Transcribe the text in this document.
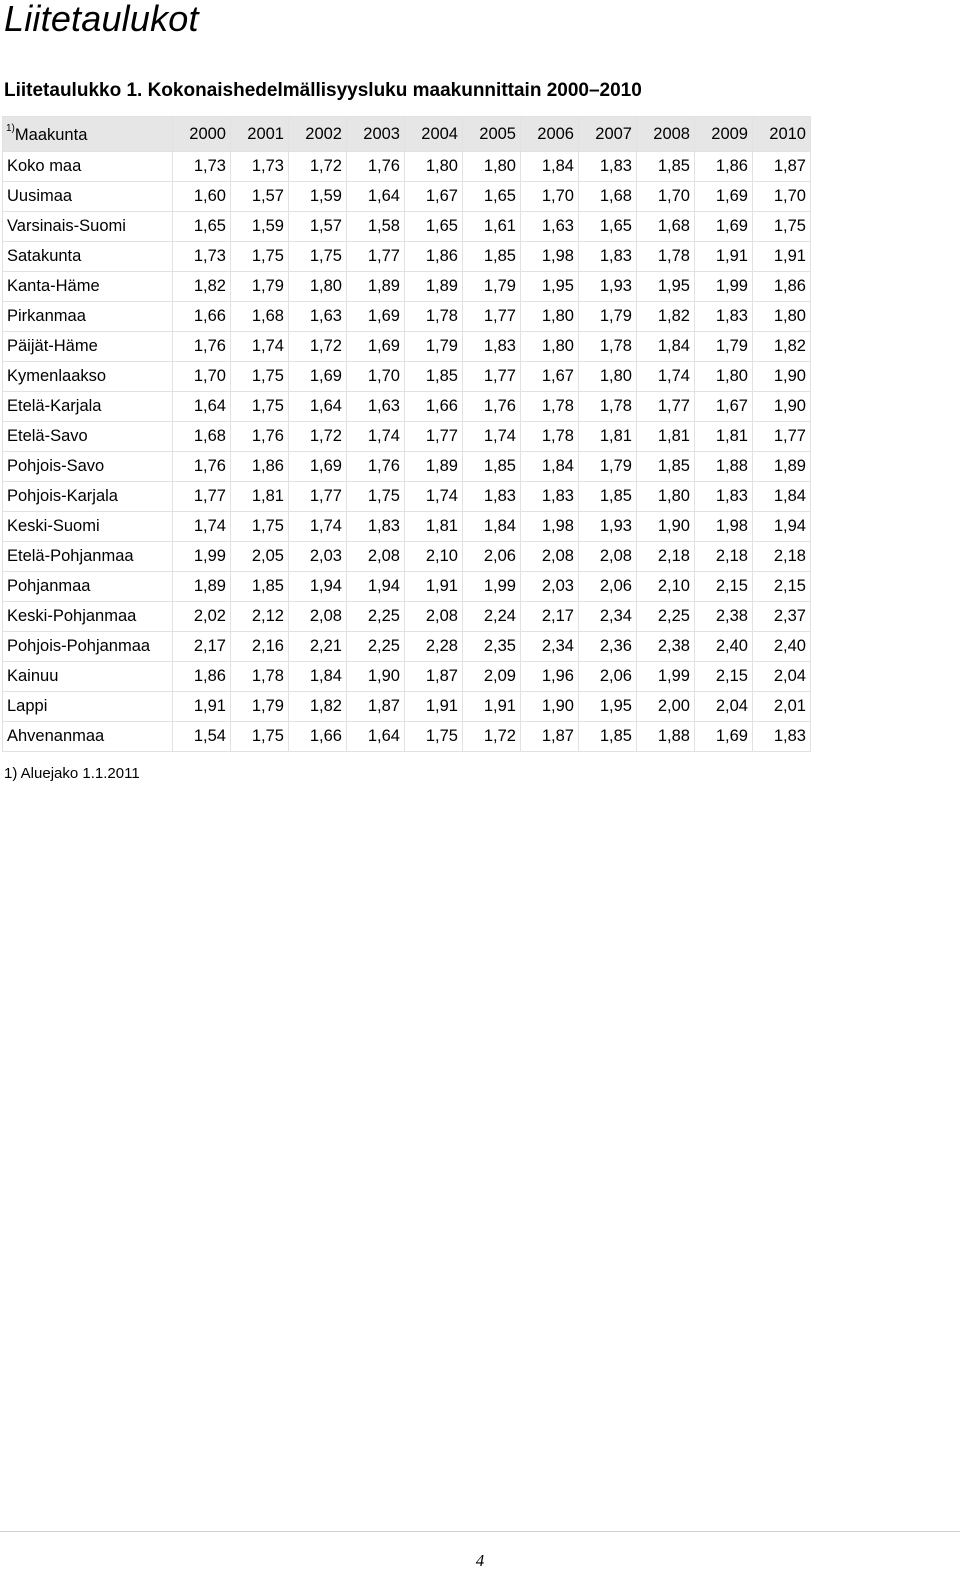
Liitetaulukot
Liitetaulukko 1. Kokonaishedelmällisyysluku maakunnittain 2000–2010
$^{1)}$Maakunta	2000	2001	2002	2003	2004	2005	2006	2007	2008	2009	2010
Koko maa	1,73	1,73	1,72	1,76	1,80	1,80	1,84	1,83	1,85	1,86	1,87
Uusimaa	1,60	1,57	1,59	1,64	1,67	1,65	1,70	1,68	1,70	1,69	1,70
Varsinais-Suomi	1,65	1,59	1,57	1,58	1,65	1,61	1,63	1,65	1,68	1,69	1,75
Satakunta	1,73	1,75	1,75	1,77	1,86	1,85	1,98	1,83	1,78	1,91	1,91
Kanta-Häme	1,82	1,79	1,80	1,89	1,89	1,79	1,95	1,93	1,95	1,99	1,86
Pirkanmaa	1,66	1,68	1,63	1,69	1,78	1,77	1,80	1,79	1,82	1,83	1,80
Päijät-Häme	1,76	1,74	1,72	1,69	1,79	1,83	1,80	1,78	1,84	1,79	1,82
Kymenlaakso	1,70	1,75	1,69	1,70	1,85	1,77	1,67	1,80	1,74	1,80	1,90
Etelä-Karjala	1,64	1,75	1,64	1,63	1,66	1,76	1,78	1,78	1,77	1,67	1,90
Etelä-Savo	1,68	1,76	1,72	1,74	1,77	1,74	1,78	1,81	1,81	1,81	1,77
Pohjois-Savo	1,76	1,86	1,69	1,76	1,89	1,85	1,84	1,79	1,85	1,88	1,89
Pohjois-Karjala	1,77	1,81	1,77	1,75	1,74	1,83	1,83	1,85	1,80	1,83	1,84
Keski-Suomi	1,74	1,75	1,74	1,83	1,81	1,84	1,98	1,93	1,90	1,98	1,94
Etelä-Pohjanmaa	1,99	2,05	2,03	2,08	2,10	2,06	2,08	2,08	2,18	2,18	2,18
Pohjanmaa	1,89	1,85	1,94	1,94	1,91	1,99	2,03	2,06	2,10	2,15	2,15
Keski-Pohjanmaa	2,02	2,12	2,08	2,25	2,08	2,24	2,17	2,34	2,25	2,38	2,37
Pohjois-Pohjanmaa	2,17	2,16	2,21	2,25	2,28	2,35	2,34	2,36	2,38	2,40	2,40
Kainuu	1,86	1,78	1,84	1,90	1,87	2,09	1,96	2,06	1,99	2,15	2,04
Lappi	1,91	1,79	1,82	1,87	1,91	1,91	1,90	1,95	2,00	2,04	2,01
Ahvenanmaa	1,54	1,75	1,66	1,64	1,75	1,72	1,87	1,85	1,88	1,69	1,83

1) Aluejako 1.1.2011

4
